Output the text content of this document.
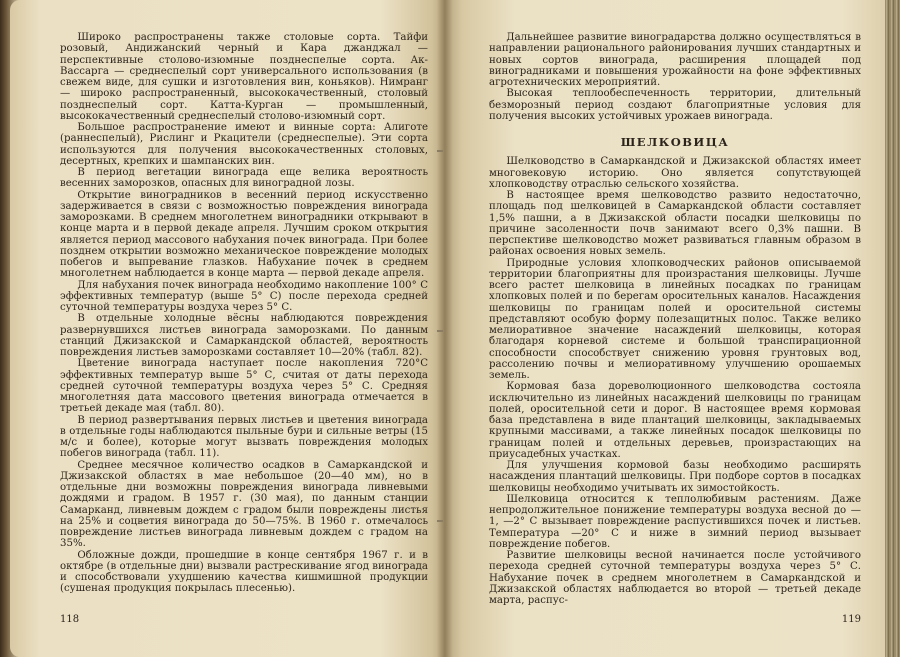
Широко распространены также столовые сорта. Тайфи розовый, Андижанский черный и Кара джанджал — перспективные столово-изюмные позднеспелые сорта. Ак-Вассарга — среднеспелый сорт универсального использования (в свежем виде, для сушки и изготовления вин, коньяков). Нимранг — широко распространенный, высококачественный, столовый позднеспелый сорт. Катта-Курган — промышленный, высококачественный среднеспелый столово-изюмный сорт.

Большое распространение имеют и винные сорта: Алиготе (раннеспелый), Рислинг и Ркацители (среднеспелые). Эти сорта используются для получения высококачественных столовых, десертных, крепких и шампанских вин.

В период вегетации винограда еще велика вероятность весенних заморозков, опасных для виноградной лозы.

Открытие виноградников в весенний период искусственно задерживается в связи с возможностью повреждения винограда заморозками. В среднем многолетнем виноградники открывают в конце марта и в первой декаде апреля. Лучшим сроком открытия является период массового набухания почек винограда. При более позднем открытии возможно механическое повреждение молодых побегов и выпревание глазков. Набухание почек в среднем многолетнем наблюдается в конце марта — первой декаде апреля.

Для набухания почек винограда необходимо накопление 100° С эффективных температур (выше 5° С) после перехода средней суточной температуры воздуха через 5° С.

В отдельные холодные вёсны наблюдаются повреждения развернувшихся листьев винограда заморозками. По данным станций Джизакской и Самаркандской областей, вероятность повреждения листьев заморозками составляет 10—20% (табл. 82).

Цветение винограда наступает после накопления 720°С эффективных температур выше 5° С, считая от даты перехода средней суточной температуры воздуха через 5° С. Средняя многолетняя дата массового цветения винограда отмечается в третьей декаде мая (табл. 80).

В период развертывания первых листьев и цветения винограда в отдельные годы наблюдаются пыльные бури и сильные ветры (15 м/с и более), которые могут вызвать повреждения молодых побегов винограда (табл. 11).

Среднее месячное количество осадков в Самаркандской и Джизакской областях в мае небольшое (20—40 мм), но в отдельные дни возможны повреждения винограда ливневыми дождями и градом. В 1957 г. (30 мая), по данным станции Самарканд, ливневым дождем с градом были повреждены листья на 25% и соцветия винограда до 50—75%. В 1960 г. отмечалось повреждение листьев винограда ливневым дождем с градом на 35%.

Обложные дожди, прошедшие в конце сентября 1967 г. и в октябре (в отдельные дни) вызвали растрескивание ягод винограда и способствовали ухудшению качества кишмишной продукции (сушеная продукция покрылась плесенью).

118

Дальнейшее развитие виноградарства должно осуществляться в направлении рационального районирования лучших стандартных и новых сортов винограда, расширения площадей под виноградниками и повышения урожайности на фоне эффективных агротехнических мероприятий.

Высокая теплообеспеченность территории, длительный безморозный период создают благоприятные условия для получения высоких устойчивых урожаев винограда.

ШЕЛКОВИЦА

Шелководство в Самаркандской и Джизакской областях имеет многовековую историю. Оно является сопутствующей хлопководству отраслью сельского хозяйства.

В настоящее время шелководство развито недостаточно, площадь под шелковицей в Самаркандской области составляет 1,5% пашни, а в Джизакской области посадки шелковицы по причине засоленности почв занимают всего 0,3% пашни. В перспективе шелководство может развиваться главным образом в районах освоения новых земель.

Природные условия хлопководческих районов описываемой территории благоприятны для произрастания шелковицы. Лучше всего растет шелковица в линейных посадках по границам хлопковых полей и по берегам оросительных каналов. Насаждения шелковицы по границам полей и оросительной системы представляют особую форму полезащитных полос. Также велико мелиоративное значение насаждений шелковицы, которая благодаря корневой системе и большой транспирационной способности способствует снижению уровня грунтовых вод, рассолению почвы и мелиоративному улучшению орошаемых земель.

Кормовая база дореволюционного шелководства состояла исключительно из линейных насаждений шелковицы по границам полей, оросительной сети и дорог. В настоящее время кормовая база представлена в виде плантаций шелковицы, закладываемых крупными массивами, а также линейных посадок шелковицы по границам полей и отдельных деревьев, произрастающих на приусадебных участках.

Для улучшения кормовой базы необходимо расширять насаждения плантаций шелковицы. При подборе сортов в посадках шелковицы необходимо учитывать их зимостойкость.

Шелковица относится к теплолюбивым растениям. Даже непродолжительное понижение температуры воздуха весной до —1, —2° С вызывает повреждение распустившихся почек и листьев. Температура —20° С и ниже в зимний период вызывает повреждение побегов.

Развитие шелковицы весной начинается после устойчивого перехода средней суточной температуры воздуха через 5° С. Набухание почек в среднем многолетнем в Самаркандской и Джизакской областях наблюдается во второй — третьей декаде марта, распус-

119
